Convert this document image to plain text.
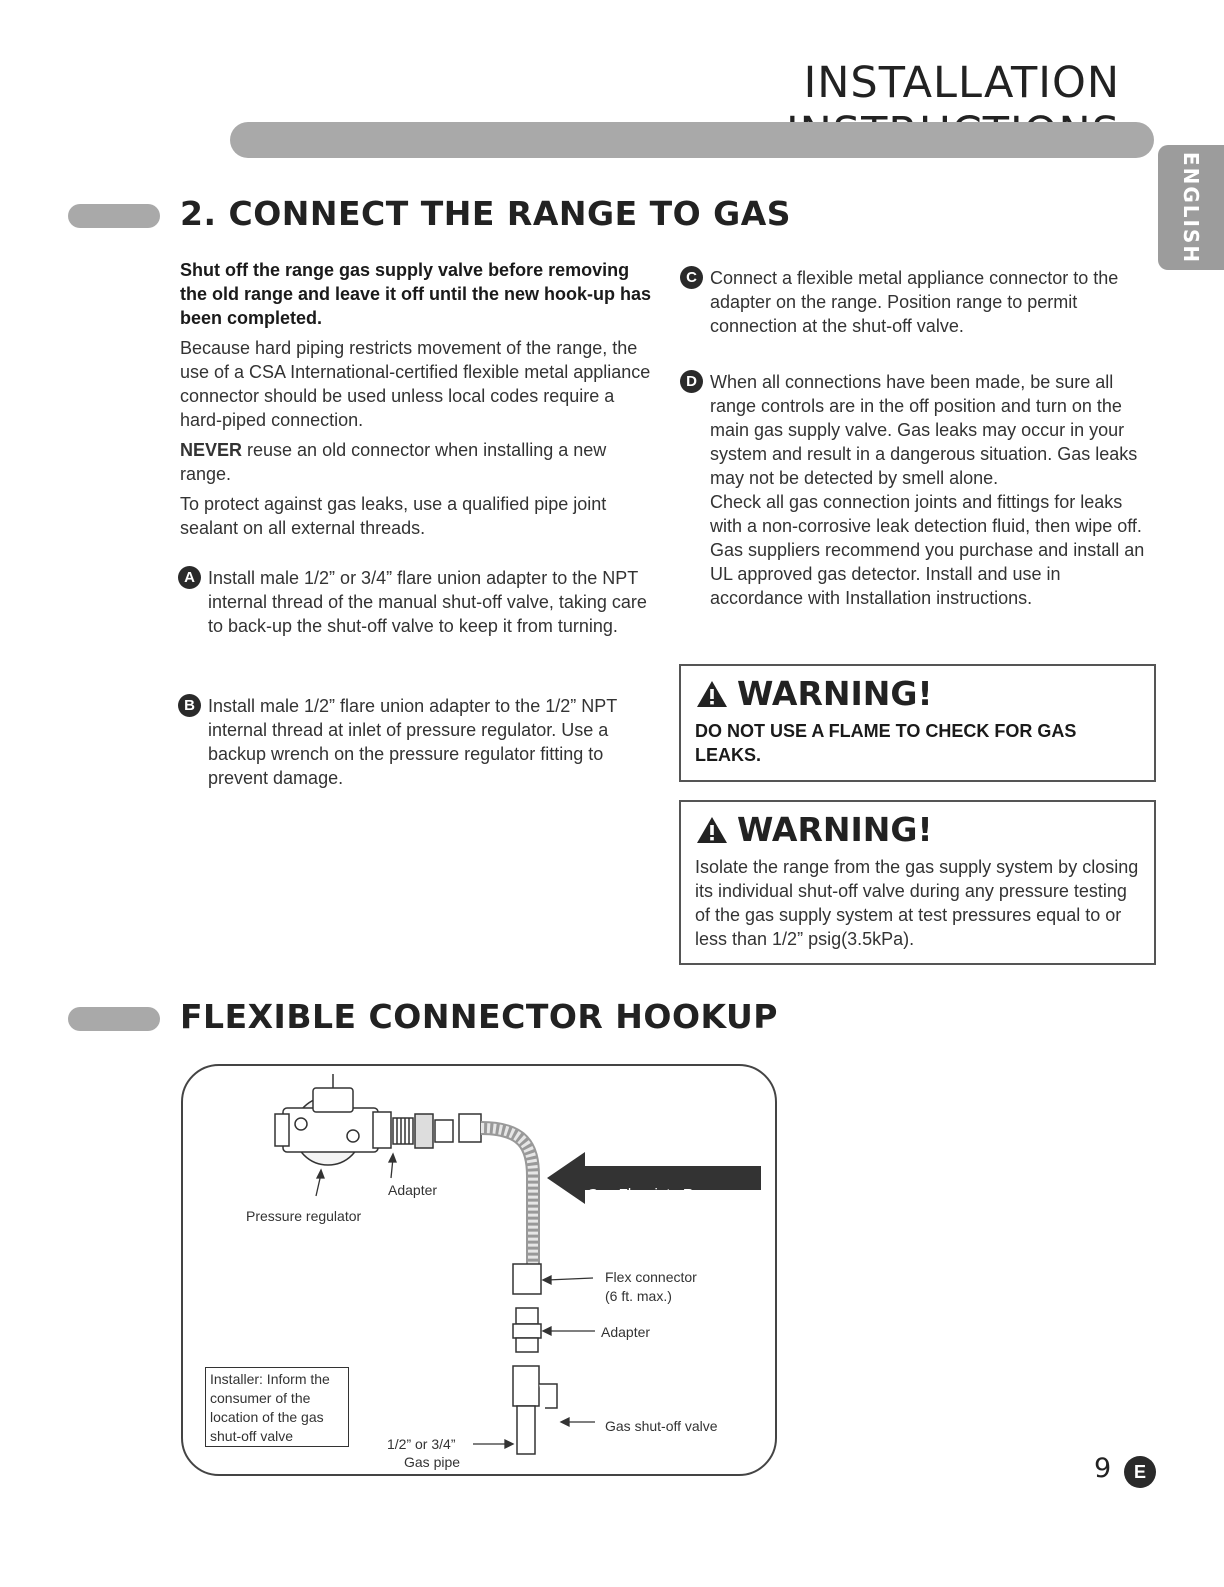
INSTALLATION
ENGLISH
2. CONNECT THE RANGE TO GAS

Shut off the range gas supply valve before removing the old range and leave it off until the new hook-up has been completed.

Because hard piping restricts movement of the range, the use of a CSA International-certified flexible metal appliance connector should be used unless local codes require a hard-piped connection.

NEVER reuse an old connector when installing a new range.

To protect against gas leaks, use a qualified pipe joint sealant on all external threads.

A Install male 1/2” or 3/4” flare union adapter to the NPT internal thread of the manual shut-off valve, taking care to back-up the shut-off valve to keep it from turning.
B Install male 1/2” flare union adapter to the 1/2” NPT internal thread at inlet of pressure regulator. Use a backup wrench on the pressure regulator fitting to prevent damage.
C Connect a flexible metal appliance connector to the adapter on the range. Position range to permit connection at the shut-off valve.
D When all connections have been made, be sure all range controls are in the off position and turn on the main gas supply valve. Gas leaks may occur in your system and result in a dangerous situation. Gas leaks may not be detected by smell alone.
Check all gas connection joints and fittings for leaks with a non-corrosive leak detection fluid, then wipe off.
Gas suppliers recommend you purchase and install an UL approved gas detector. Install and use in accordance with Installation instructions.
WARNING!
DO NOT USE A FLAME TO CHECK FOR GAS LEAKS.
WARNING!
Isolate the range from the gas supply system by closing its individual shut-off valve during any pressure testing of the gas supply system at test pressures equal to or less than 1/2” psig(3.5kPa).
FLEXIBLE CONNECTOR HOOKUP
Pressure regulator
Adapter	Gas Flow into Range
Flex connector
(6 ft. max.)
Adapter
Gas shut-off valve
1/2” or 3/4”
Gas pipe
Installer: Inform the consumer of the location of the gas shut-off valve
9 E
